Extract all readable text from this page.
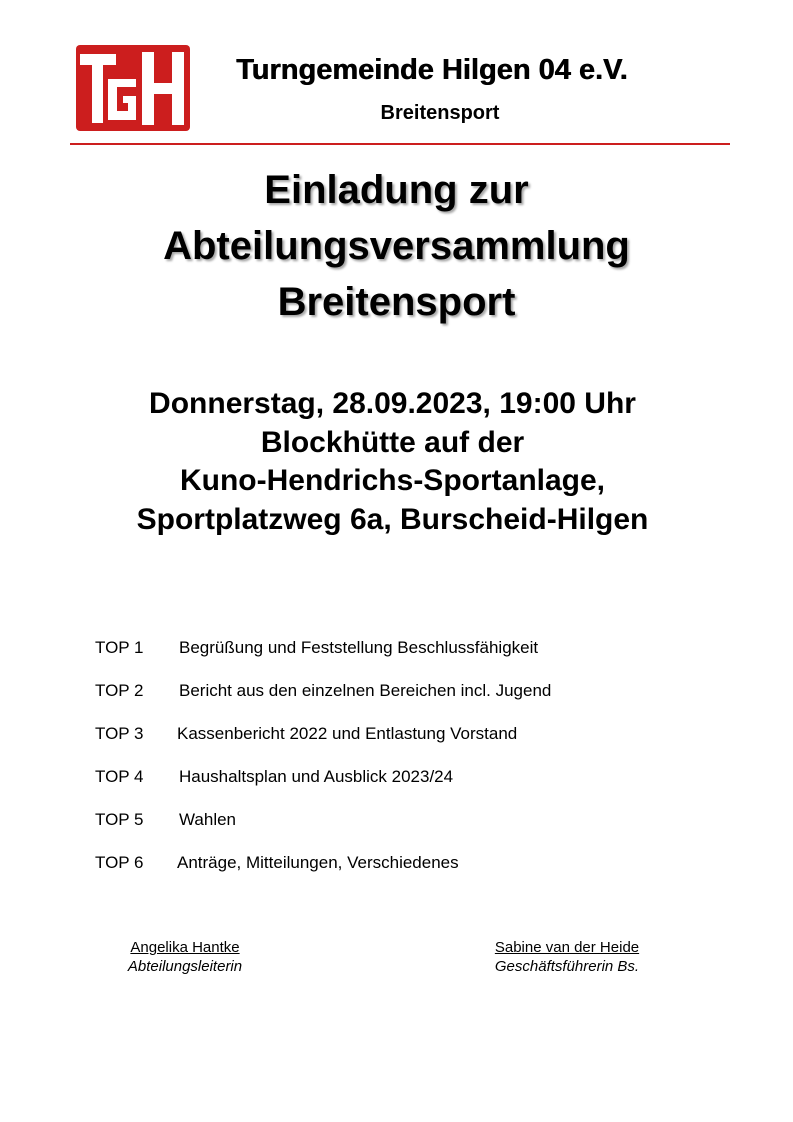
Turngemeinde Hilgen 04 e.V.
Breitensport
Einladung zur
Abteilungsversammlung
Breitensport
Donnerstag, 28.09.2023, 19:00 Uhr
Blockhütte auf der
Kuno-Hendrichs-Sportanlage,
Sportplatzweg 6a, Burscheid-Hilgen
TOP 1 Begrüßung und Feststellung Beschlussfähigkeit
TOP 2 Bericht aus den einzelnen Bereichen incl. Jugend
TOP 3 Kassenbericht 2022 und Entlastung Vorstand
TOP 4 Haushaltsplan und Ausblick 2023/24
TOP 5 Wahlen
TOP 6 Anträge, Mitteilungen, Verschiedenes
Angelika Hantke
Abteilungsleiterin
Sabine van der Heide
Geschäftsführerin Bs.
